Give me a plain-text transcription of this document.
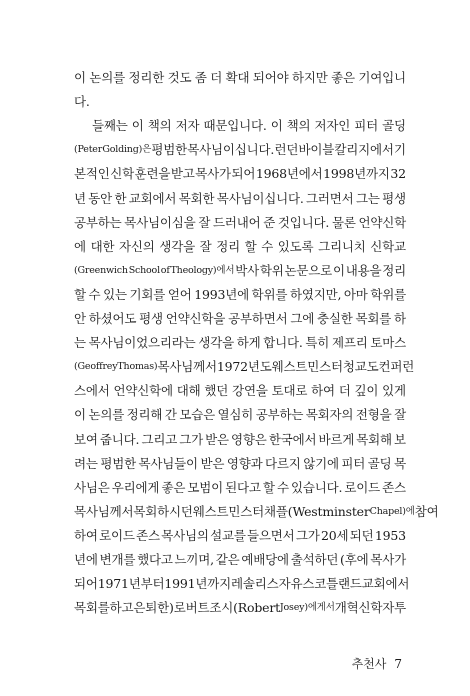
이 논의를 정리한 것도 좀 더 확대 되어야 하지만 좋은 기여입니
다.
들째는 이 책의 저자 때문입니다. 이 책의 저자인 피터 골딩
(Peter Golding)은 평범한 목사님이십니다. 런던 바이블 칼리지에서 기
본적인 신학 훈련을 받고 목사가 되어 1968년에서 1998년까지 32
년 동안 한 교회에서 목회한 목사님이십니다. 그러면서 그는 평생
공부하는 목사님이심을 잘 드러내어 준 것입니다. 물론 언약신학
에 대한 자신의 생각을 잘 정리 할 수 있도록 그리니치 신학교
(Greenwich School of Theology)에서 박사 학위 논문으로 이 내용을 정리
할 수 있는 기회를 얻어 1993년에 학위를 하였지만, 아마 학위를
안 하셨어도 평생 언약신학을 공부하면서 그에 충실한 목회를 하
는 목사님이었으리라는 생각을 하게 합니다. 특히 제프리 토마스
(Geoffrey Thomas) 목사님께서 1972년도 웨스트민스터 청교도 컨퍼런
스에서 언약신학에 대해 했던 강연을 토대로 하여 더 깊이 있게
이 논의를 정리해 간 모습은 열심히 공부하는 목회자의 전형을 잘
보여 줍니다. 그리고 그가 받은 영향은 한국에서 바르게 목회해 보
려는 평범한 목사님들이 받은 영향과 다르지 않기에 피터 골딩 목
사님은 우리에게 좋은 모범이 된다고 할 수 있습니다. 로이드 존스
목사님께서 목회하시던 웨스트민스터 채플(Westminster Chapel)에 참여
하여 로이드 존스 목사님의 설교를 들으면서 그가 20세 되던 1953
년에 변개를 했다고 느끼며, 같은 예배당에 출석하던 (후에 목사가
되어 1971년부터 1991년까지 레솔리스 자유 스코틀랜드 교회에서
목회를 하고 은퇴한) 로버트 조시(Robert Josey)에게서 개혁신학자 투
추천사 7
